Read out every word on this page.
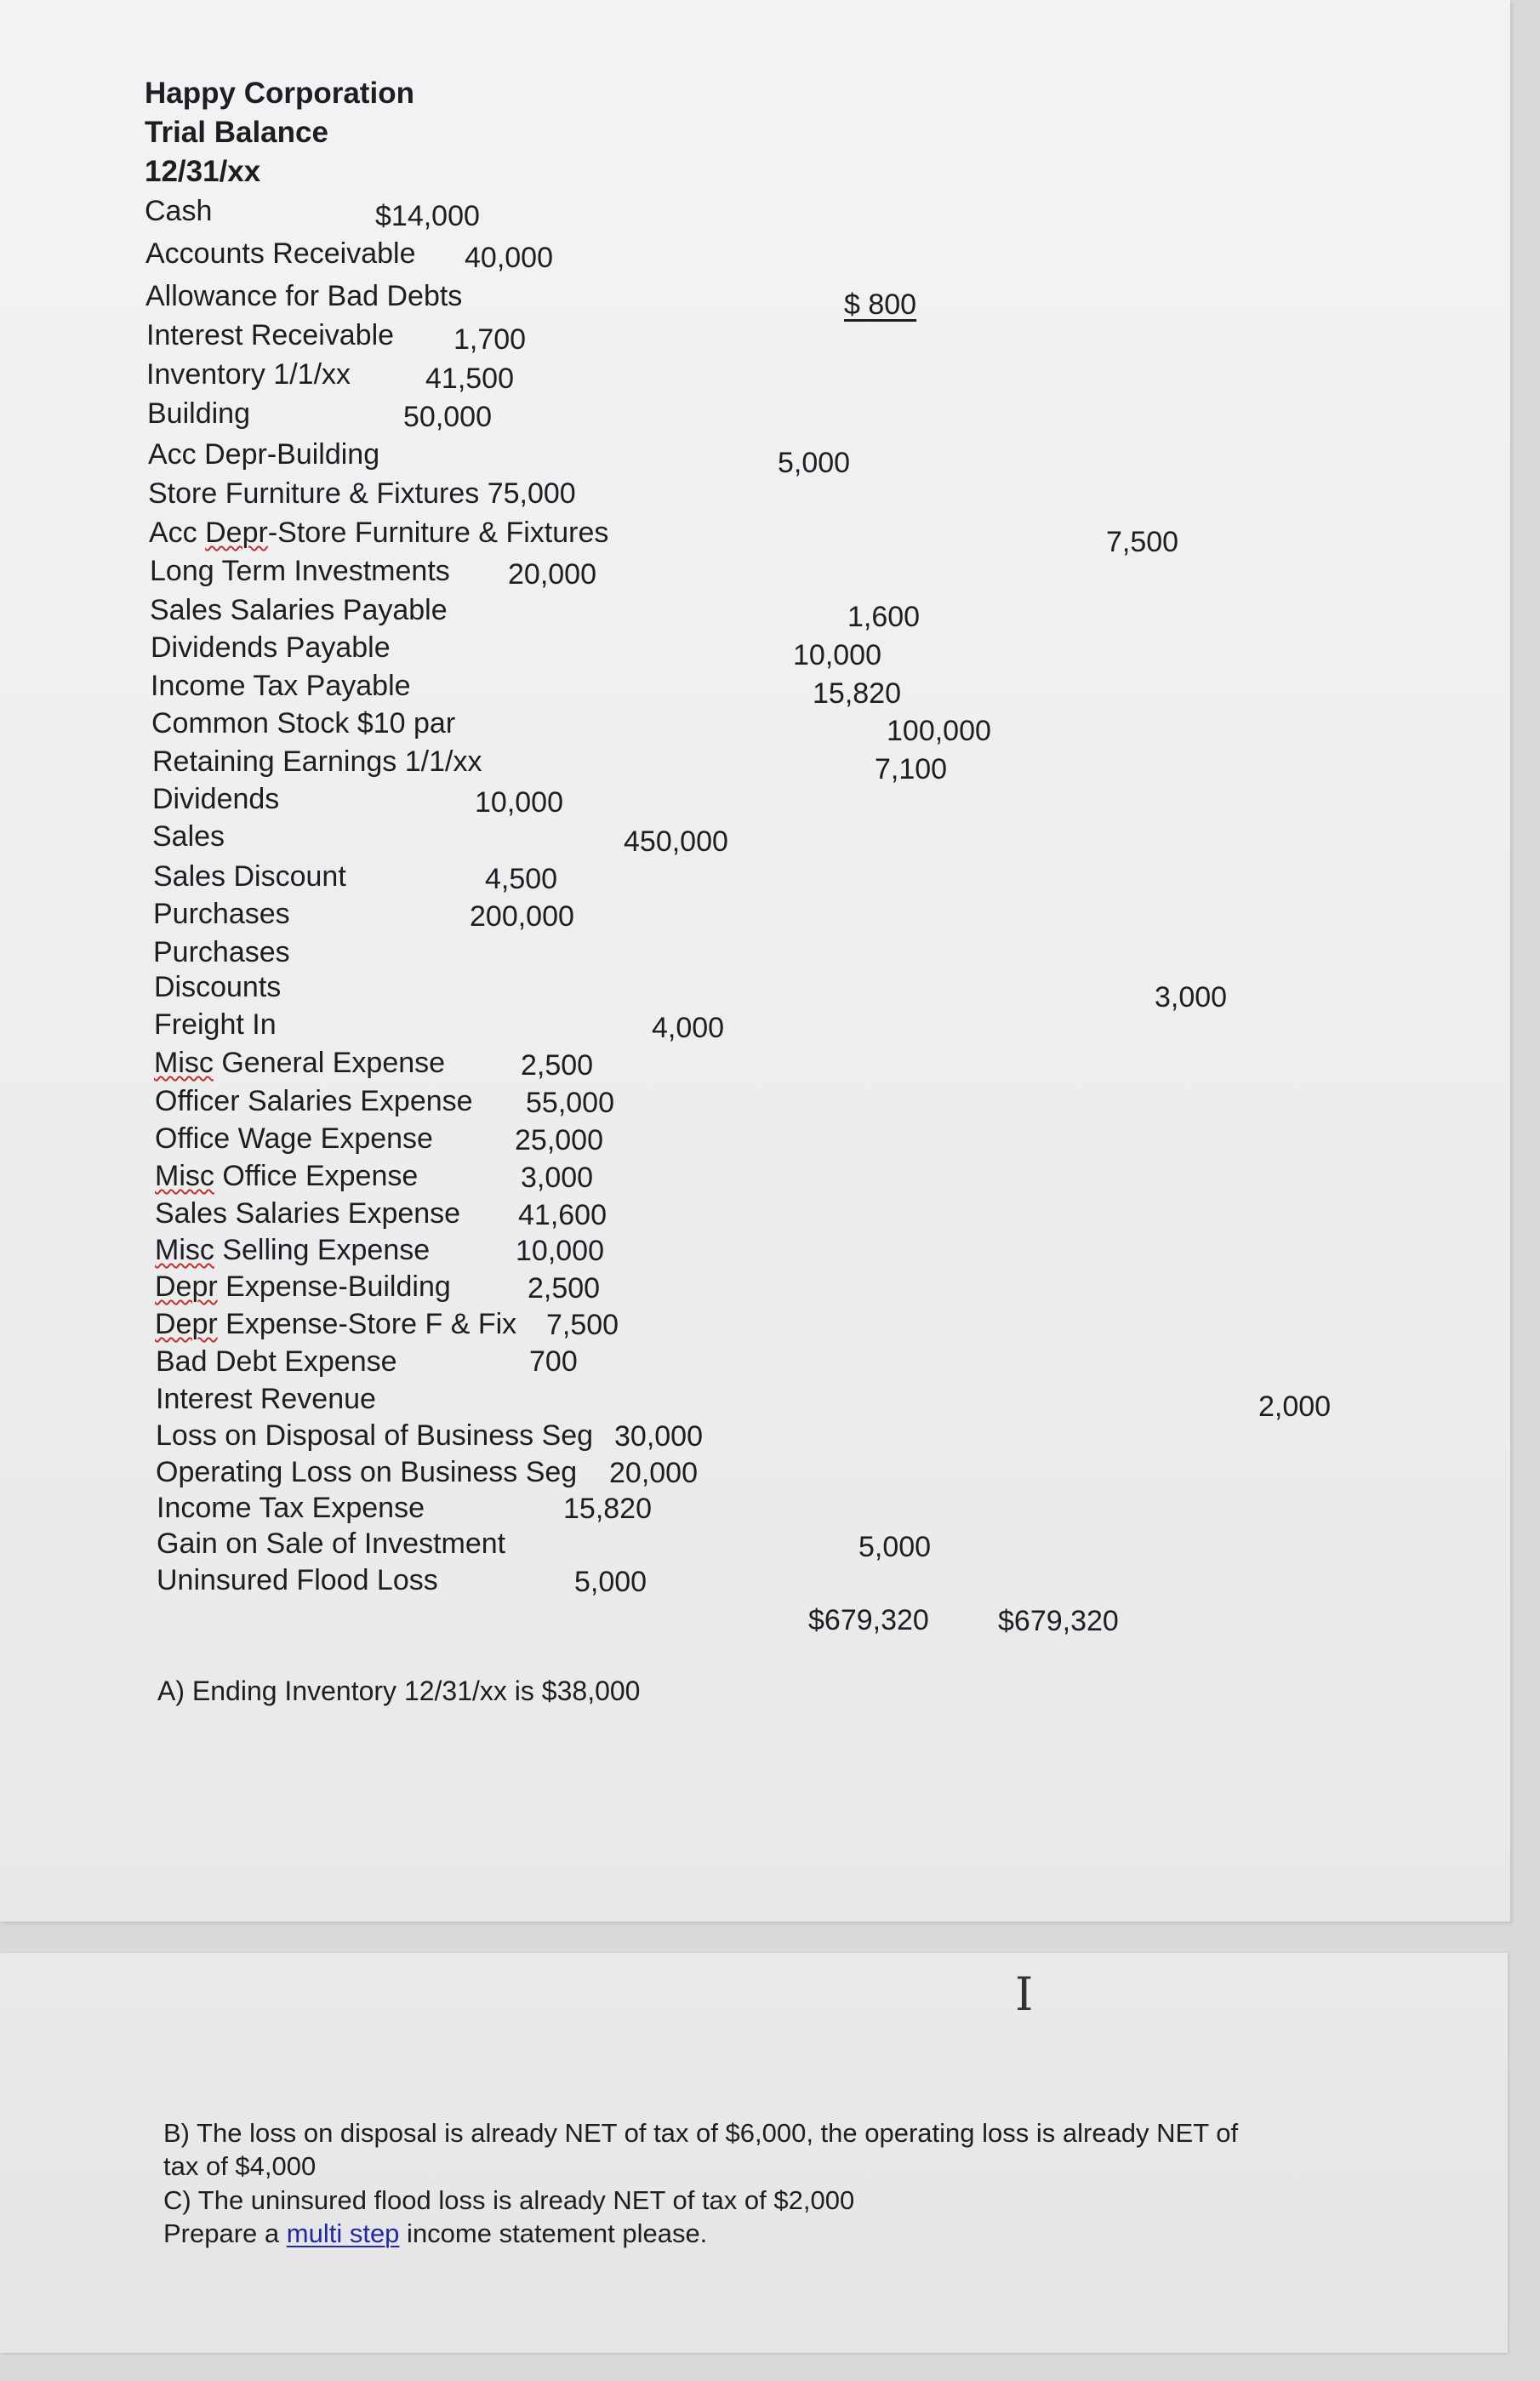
Happy Corporation
Trial Balance
12/31/xx
Cash	$14,000
Accounts Receivable 40,000
Allowance for Bad Debts	$ 800
Interest Receivable 1,700
Inventory 1/1/xx	41,500
Building	50,000
Acc Depr-Building	5,000
Store Furniture & Fixtures 75,000
Acc Depr-Store Furniture & Fixtures	7,500
Long Term Investments 20,000
Sales Salaries Payable	1,600
Dividends Payable	10,000
Income Tax Payable	15,820
Common Stock $10 par	100,000
Retaining Earnings 1/1/xx	7,100
Dividends	10,000
Sales	450,000
Sales Discount	4,500
Purchases	200,000
Purchases
Discounts	3,000
Freight In	4,000
Misc General Expense	2,500
Officer Salaries Expense 55,000
Office Wage Expense	25,000
Misc Office Expense	3,000
Sales Salaries Expense 41,600
Misc Selling Expense	10,000
Depr Expense-Building	2,500
Depr Expense-Store F & Fix 7,500
Bad Debt Expense	700
Interest Revenue	2,000
Loss on Disposal of Business Seg 30,000
Operating Loss on Business Seg 20,000
Income Tax Expense	15,820
Gain on Sale of Investment	5,000
Uninsured Flood Loss	5,000
$679,320 $679,320
A) Ending Inventory 12/31/xx is $38,000
I
B) The loss on disposal is already NET of tax of $6,000, the operating loss is already NET of
tax of $4,000
C) The uninsured flood loss is already NET of tax of $2,000
Prepare a multi step income statement please.
